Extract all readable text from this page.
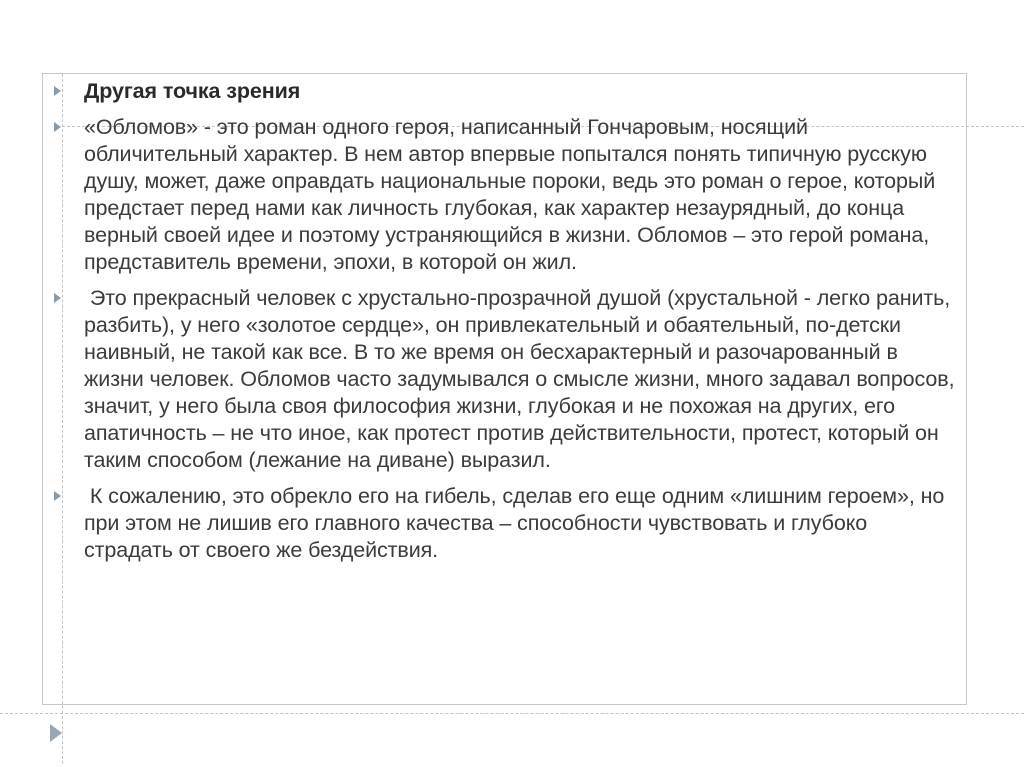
Другая точка зрения
«Обломов» - это роман одного героя, написанный Гончаровым, носящий обличительный характер. В нем автор впервые попытался понять типичную русскую душу, может, даже оправдать национальные пороки, ведь это роман о герое, который предстает перед нами как личность глубокая, как характер незаурядный, до конца верный своей идее и поэтому устраняющийся в жизни. Обломов – это герой романа, представитель времени, эпохи, в которой он жил.
Это прекрасный человек с хрустально-прозрачной душой (хрустальной - легко ранить, разбить), у него «золотое сердце», он привлекательный и обаятельный, по-детски наивный, не такой как все. В то же время он бесхарактерный и разочарованный в жизни человек. Обломов часто задумывался о смысле жизни, много задавал вопросов, значит, у него была своя философия жизни, глубокая и не похожая на других, его апатичность – не что иное, как протест против действительности, протест, который он таким способом (лежание на диване) выразил.
К сожалению, это обрекло его на гибель, сделав его еще одним «лишним героем», но при этом не лишив его главного качества – способности чувствовать и глубоко страдать от своего же бездействия.
